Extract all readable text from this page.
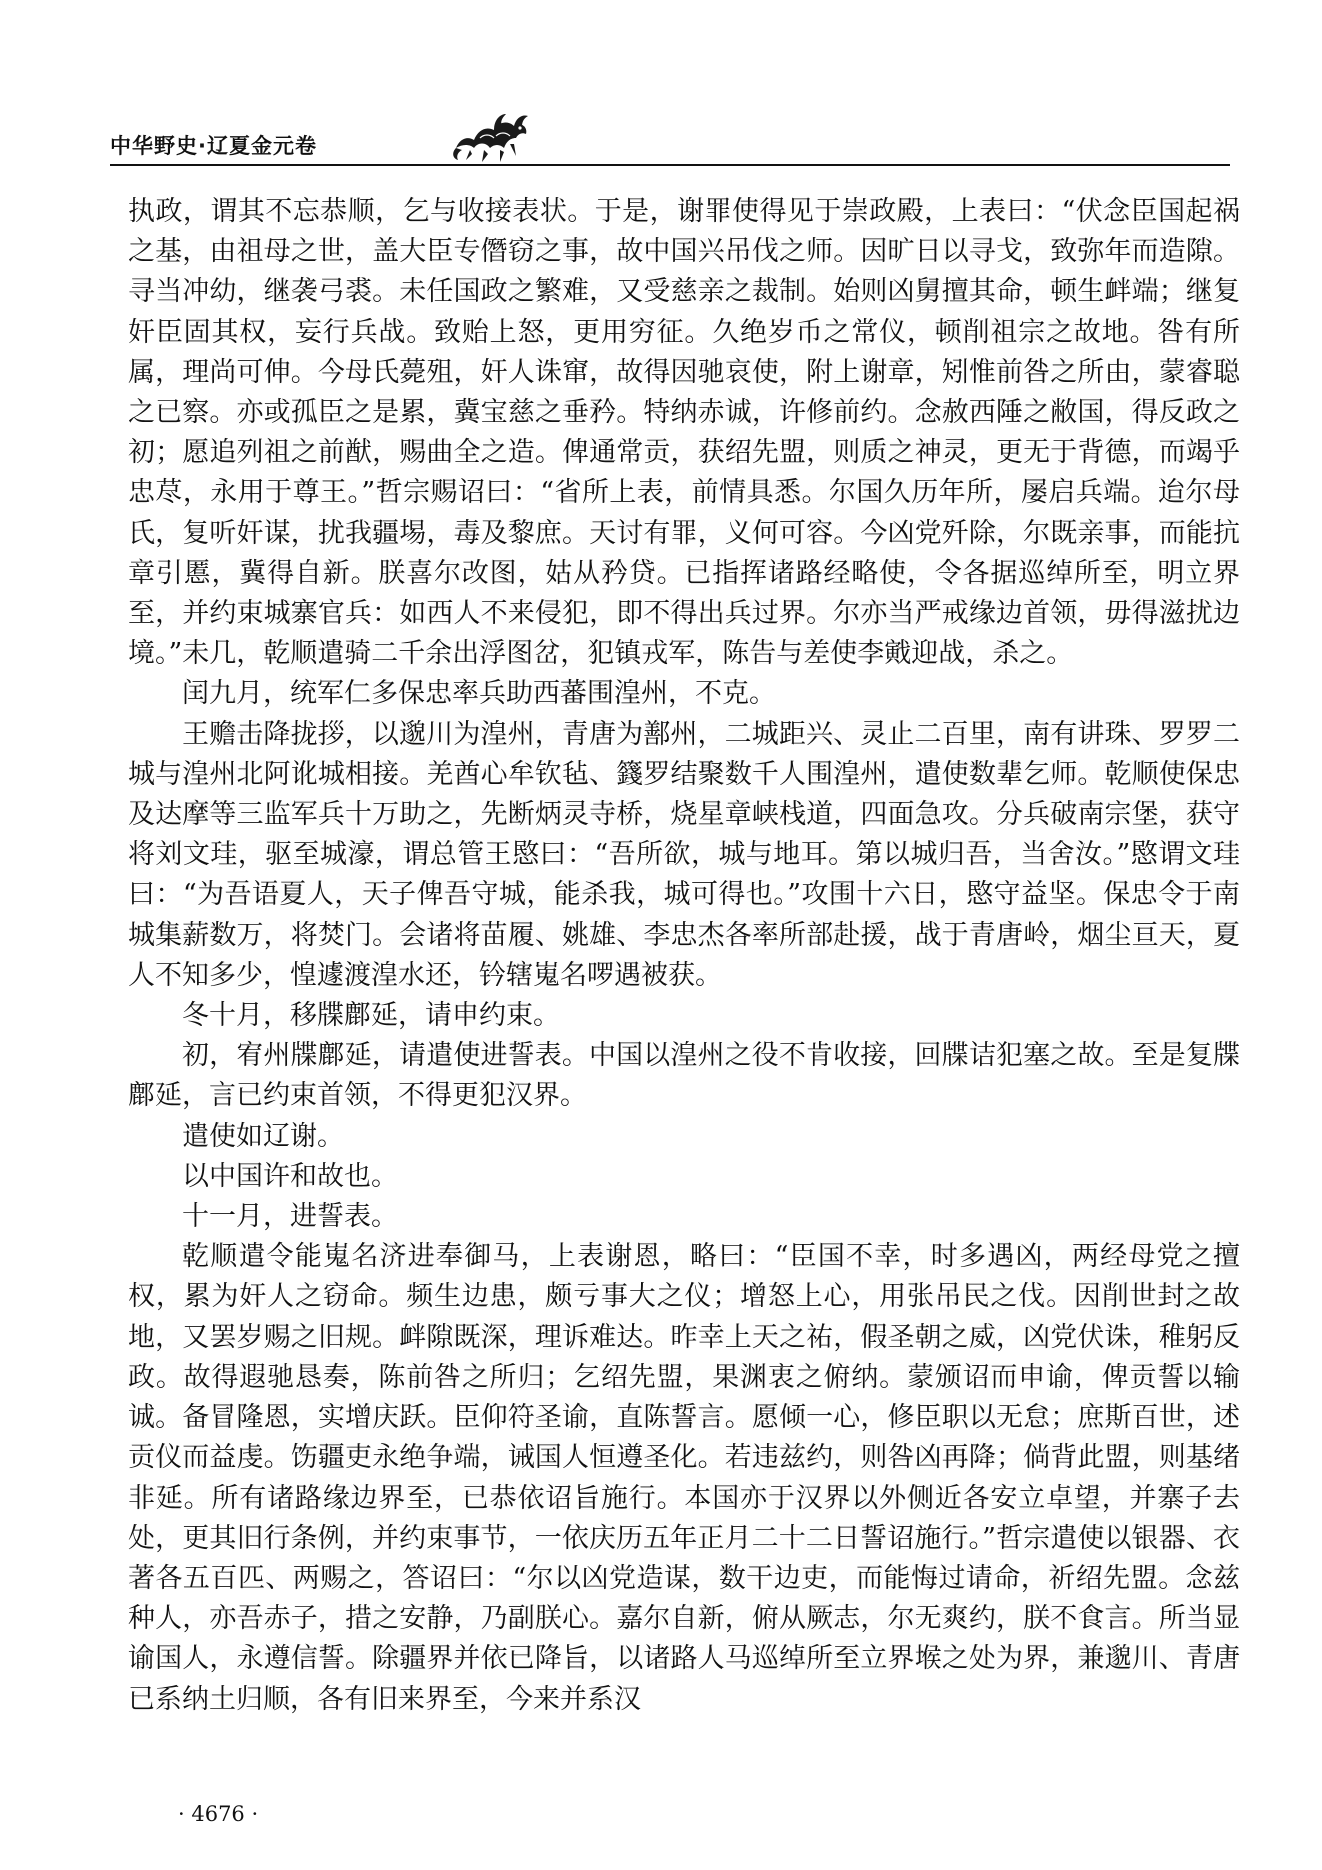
中华野史·辽夏金元卷

执政，谓其不忘恭顺，乞与收接表状。于是，谢罪使得见于崇政殿，上表曰：“伏念臣国起祸之基，由祖母之世，盖大臣专僭窃之事，故中国兴吊伐之师。因旷日以寻戈，致弥年而造隙。寻当冲幼，继袭弓裘。未任国政之繁难，又受慈亲之裁制。始则凶舅擅其命，顿生衅端；继复奸臣固其权，妄行兵战。致贻上怒，更用穷征。久绝岁币之常仪，顿削祖宗之故地。咎有所属，理尚可伸。今母氏薨殂，奸人诛窜，故得因驰哀使，附上谢章，矧惟前咎之所由，蒙睿聪之已察。亦或孤臣之是累，冀宝慈之垂矜。特纳赤诚，许修前约。念赦西陲之敝国，得反政之初；愿追列祖之前猷，赐曲全之造。俾通常贡，获绍先盟，则质之神灵，更无于背德，而竭乎忠荩，永用于尊王。”哲宗赐诏曰：“省所上表，前情具悉。尔国久历年所，屡启兵端。迨尔母氏，复听奸谋，扰我疆埸，毒及黎庶。天讨有罪，义何可容。今凶党歼除，尔既亲事，而能抗章引慝，冀得自新。朕喜尔改图，姑从矜贷。已指挥诸路经略使，令各据巡绰所至，明立界至，并约束城寨官兵：如西人不来侵犯，即不得出兵过界。尔亦当严戒缘边首领，毋得滋扰边境。”未几，乾顺遣骑二千余出浮图岔，犯镇戎军，陈告与差使李戭迎战，杀之。

闰九月，统军仁多保忠率兵助西蕃围湟州，不克。

王赡击降拢拶，以邈川为湟州，青唐为鄯州，二城距兴、灵止二百里，南有讲珠、罗罗二城与湟州北阿讹城相接。羌酋心牟钦毡、籛罗结聚数千人围湟州，遣使数辈乞师。乾顺使保忠及达摩等三监军兵十万助之，先断炳灵寺桥，烧星章峡栈道，四面急攻。分兵破南宗堡，获守将刘文珪，驱至城濠，谓总管王愍曰：“吾所欲，城与地耳。第以城归吾，当舍汝。”愍谓文珪曰：“为吾语夏人，天子俾吾守城，能杀我，城可得也。”攻围十六日，愍守益坚。保忠令于南城集薪数万，将焚门。会诸将苗履、姚雄、李忠杰各率所部赴援，战于青唐岭，烟尘亘天，夏人不知多少，惶遽渡湟水还，钤辖嵬名啰遇被获。

冬十月，移牒鄜延，请申约束。

初，宥州牒鄜延，请遣使进誓表。中国以湟州之役不肯收接，回牒诘犯塞之故。至是复牒鄜延，言已约束首领，不得更犯汉界。

遣使如辽谢。

以中国许和故也。

十一月，进誓表。

乾顺遣令能嵬名济进奉御马，上表谢恩，略曰：“臣国不幸，时多遇凶，两经母党之擅权，累为奸人之窃命。频生边患，颇亏事大之仪；增怒上心，用张吊民之伐。因削世封之故地，又罢岁赐之旧规。衅隙既深，理诉难达。昨幸上天之祐，假圣朝之威，凶党伏诛，稚躬反政。故得遐驰恳奏，陈前咎之所归；乞绍先盟，果渊衷之俯纳。蒙颁诏而申谕，俾贡誓以输诚。备冒隆恩，实增庆跃。臣仰符圣谕，直陈誓言。愿倾一心，修臣职以无怠；庶斯百世，述贡仪而益虔。饬疆吏永绝争端，诫国人恒遵圣化。若违兹约，则咎凶再降；倘背此盟，则基绪非延。所有诸路缘边界至，已恭依诏旨施行。本国亦于汉界以外侧近各安立卓望，并寨子去处，更其旧行条例，并约束事节，一依庆历五年正月二十二日誓诏施行。”哲宗遣使以银器、衣著各五百匹、两赐之，答诏曰：“尔以凶党造谋，数干边吏，而能悔过请命，祈绍先盟。念兹种人，亦吾赤子，措之安静，乃副朕心。嘉尔自新，俯从厥志，尔无爽约，朕不食言。所当显谕国人，永遵信誓。除疆界并依已降旨，以诸路人马巡绰所至立界堠之处为界，兼邈川、青唐已系纳土归顺，各有旧来界至，今来并系汉

· 4676 ·
